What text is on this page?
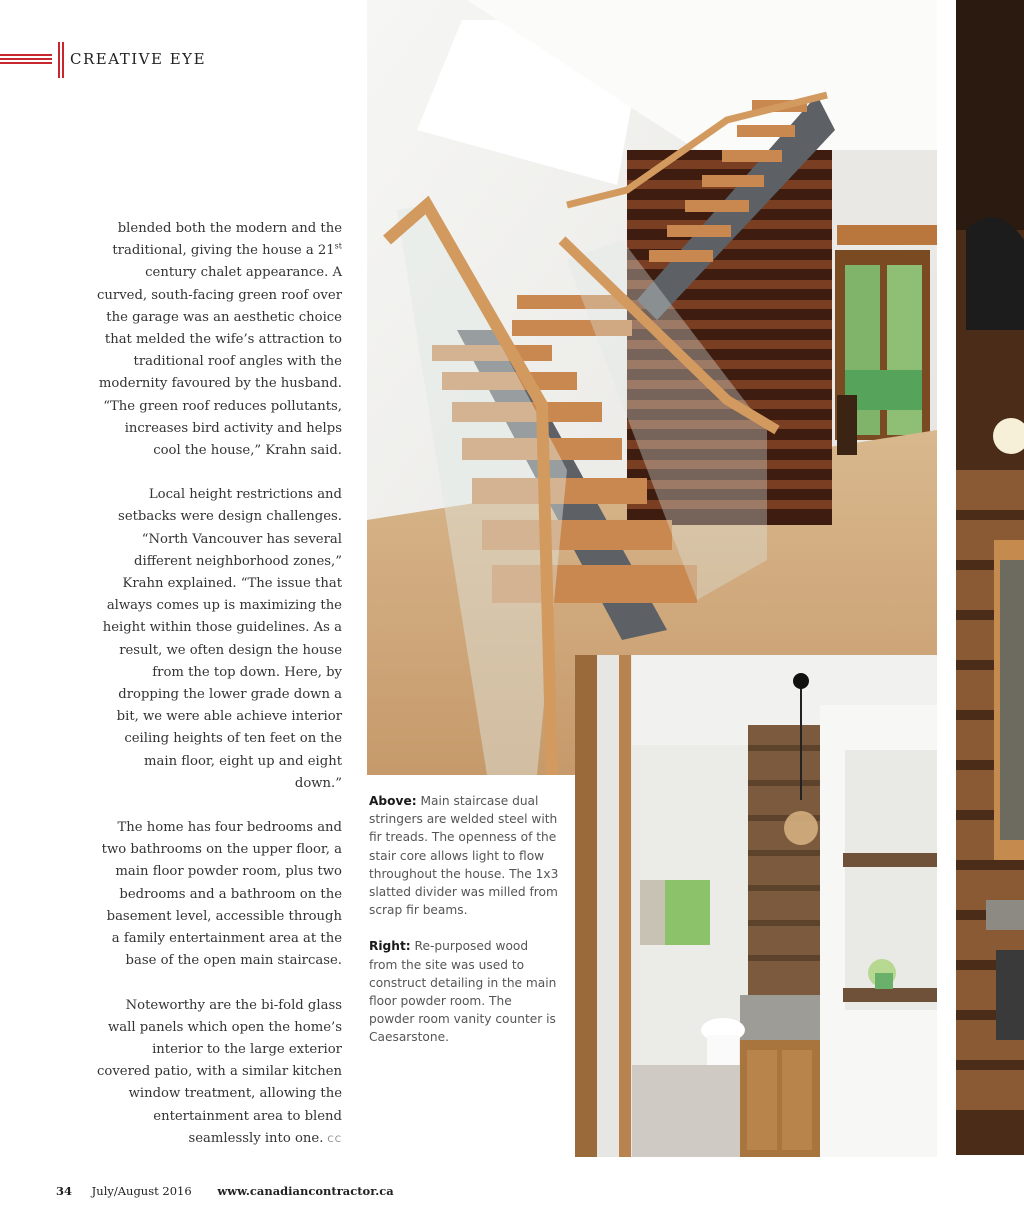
CREATIVE EYE

blended both the modern and the traditional, giving the house a 21st century chalet appearance. A curved, south-facing green roof over the garage was an aesthetic choice that melded the wife’s attraction to traditional roof angles with the modernity favoured by the husband. “The green roof reduces pollutants, increases bird activity and helps cool the house,” Krahn said.

Local height restrictions and setbacks were design challenges. “North Vancouver has several different neighborhood zones,” Krahn explained. “The issue that always comes up is maximizing the height within those guidelines. As a result, we often design the house from the top down. Here, by dropping the lower grade down a bit, we were able achieve interior ceiling heights of ten feet on the main floor, eight up and eight down.”

The home has four bedrooms and two bathrooms on the upper floor, a main floor powder room, plus two bedrooms and a bathroom on the basement level, accessible through a family entertainment area at the base of the open main staircase.

Noteworthy are the bi-fold glass wall panels which open the home’s interior to the large exterior covered patio, with a similar kitchen window treatment, allowing the entertainment area to blend seamlessly into one. CC

Above: Main staircase dual stringers are welded steel with fir treads. The openness of the stair core allows light to flow throughout the house. The 1x3 slatted divider was milled from scrap fir beams.

Right: Re-purposed wood from the site was used to construct detailing in the main floor powder room. The powder room vanity counter is Caesarstone.

34 July/August 2016 www.canadiancontractor.ca
